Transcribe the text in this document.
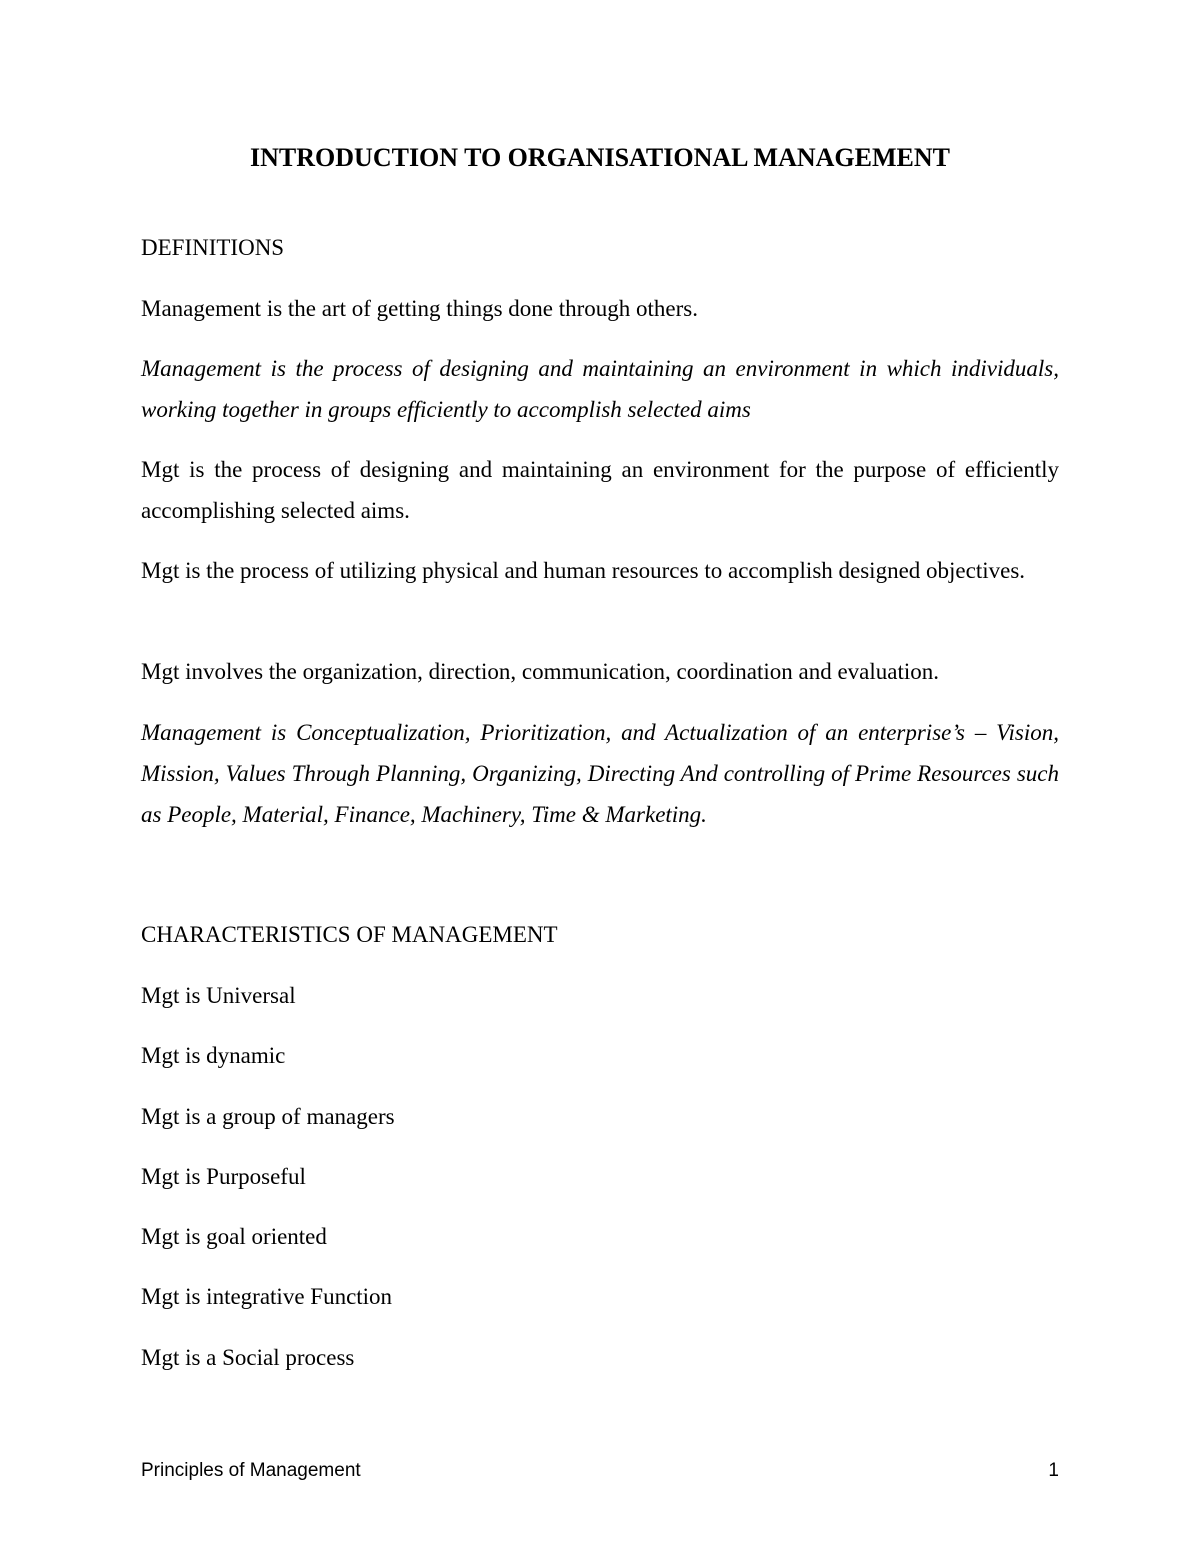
INTRODUCTION TO ORGANISATIONAL MANAGEMENT
DEFINITIONS
Management is the art of getting things done through others.
Management is the process of designing and maintaining an environment in which individuals, working together in groups efficiently to accomplish selected aims
Mgt is the process of designing and maintaining an environment for the purpose of efficiently accomplishing selected aims.
Mgt is the process of utilizing physical and human resources to accomplish designed objectives.
Mgt involves the organization, direction, communication, coordination and evaluation.
Management is Conceptualization, Prioritization, and Actualization of an enterprise’s – Vision, Mission, Values Through Planning, Organizing, Directing And controlling of Prime Resources such as People, Material, Finance, Machinery, Time & Marketing.
CHARACTERISTICS OF MANAGEMENT
Mgt is Universal
Mgt is dynamic
Mgt is a group of managers
Mgt is Purposeful
Mgt is goal oriented
Mgt is integrative Function
Mgt is a Social process
Principles of Management	1
